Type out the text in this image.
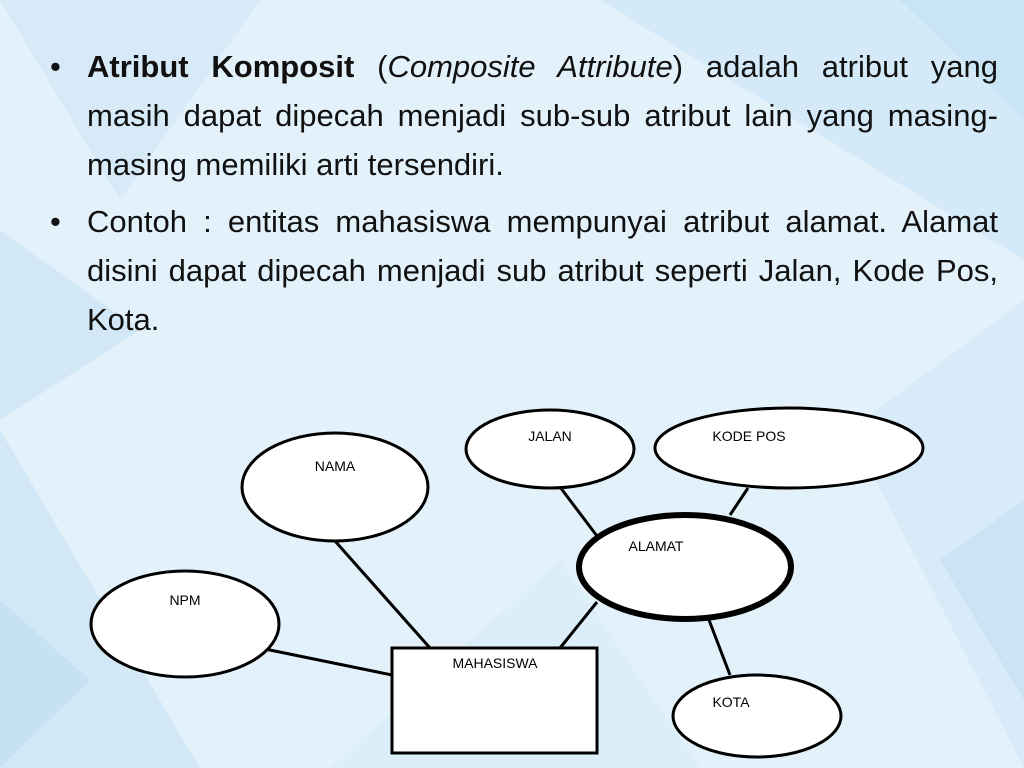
• Atribut Komposit (Composite Attribute) adalah atribut yang masih dapat dipecah menjadi sub-sub atribut lain yang masing-masing memiliki arti tersendiri.
• Contoh : entitas mahasiswa mempunyai atribut alamat. Alamat disini dapat dipecah menjadi sub atribut seperti Jalan, Kode Pos, Kota.
NAMA
NPM
JALAN	KODE POS
ALAMAT
KOTA
MAHASISWA
